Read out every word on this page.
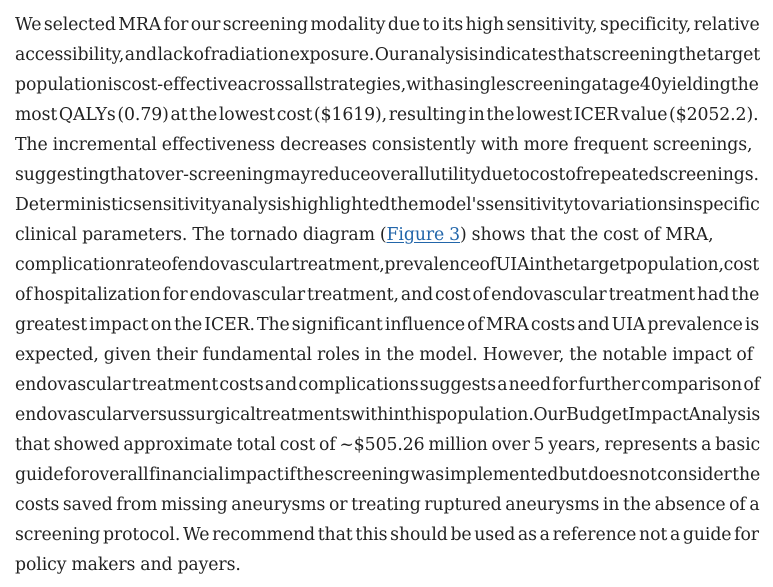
We selected MRA for our screening modality due to its high sensitivity, specificity, relative
accessibility, and lack of radiation exposure. Our analysis indicates that screening the target
population is cost-effective across all strategies, with a single screening at age 40 yielding the
most QALYs (0.79) at the lowest cost ($1619), resulting in the lowest ICER value ($2052.2).
The incremental effectiveness decreases consistently with more frequent screenings,
suggesting that over-screening may reduce overall utility due to cost of repeated screenings.
Deterministic sensitivity analysis highlighted the model's sensitivity to variations in specific
clinical parameters. The tornado diagram (Figure 3) shows that the cost of MRA,
complication rate of endovascular treatment, prevalence of UIA in the target population, cost
of hospitalization for endovascular treatment, and cost of endovascular treatment had the
greatest impact on the ICER. The significant influence of MRA costs and UIA prevalence is
expected, given their fundamental roles in the model. However, the notable impact of
endovascular treatment costs and complications suggests a need for further comparison of
endovascular versus surgical treatments within this population. Our Budget Impact Analysis
that showed approximate total cost of ~$505.26 million over 5 years, represents a basic
guide for overall financial impact if the screening was implemented but does not consider the
costs saved from missing aneurysms or treating ruptured aneurysms in the absence of a
screening protocol. We recommend that this should be used as a reference not a guide for
policy makers and payers.
